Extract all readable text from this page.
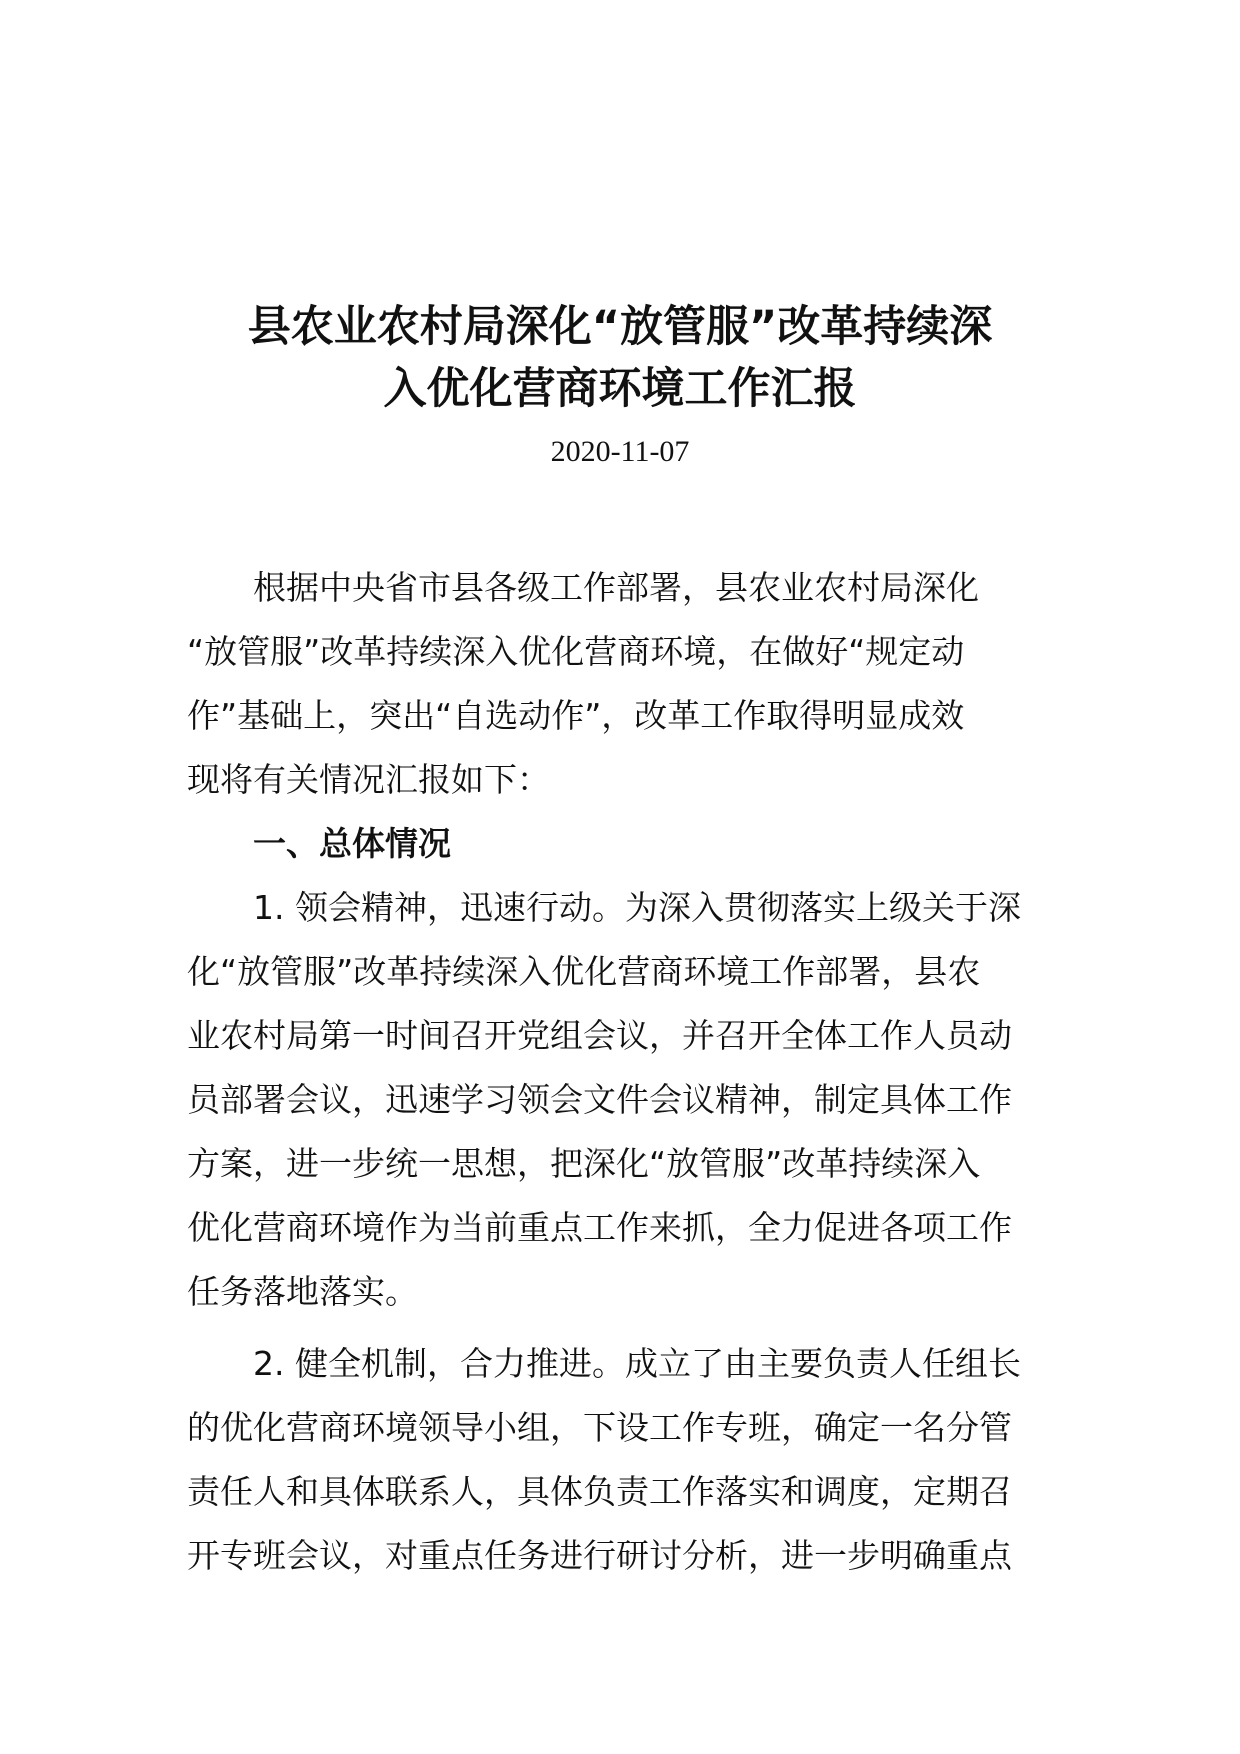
县农业农村局深化“放管服”改革持续深
入优化营商环境工作汇报
2020-11-07
根据中央省市县各级工作部署，县农业农村局深化
“放管服”改革持续深入优化营商环境，在做好“规定动
作”基础上，突出“自选动作”，改革工作取得明显成效
现将有关情况汇报如下：
一、总体情况
1. 领会精神，迅速行动。为深入贯彻落实上级关于深
化“放管服”改革持续深入优化营商环境工作部署，县农
业农村局第一时间召开党组会议，并召开全体工作人员动
员部署会议，迅速学习领会文件会议精神，制定具体工作
方案，进一步统一思想，把深化“放管服”改革持续深入
优化营商环境作为当前重点工作来抓，全力促进各项工作
任务落地落实。
2. 健全机制，合力推进。成立了由主要负责人任组长
的优化营商环境领导小组，下设工作专班，确定一名分管
责任人和具体联系人，具体负责工作落实和调度，定期召
开专班会议，对重点任务进行研讨分析，进一步明确重点
